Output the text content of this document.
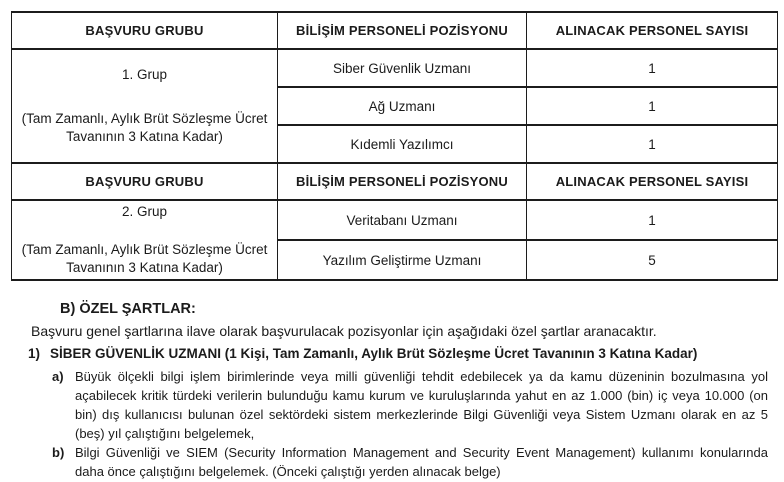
BAŞVURU GRUBU	BİLİŞİM PERSONELİ POZİSYONU	ALINACAK PERSONEL SAYISI

1. Grup
(Tam Zamanlı, Aylık Brüt Sözleşme Ücret Tavanının 3 Katına Kadar)	Siber Güvenlik Uzmanı	1
	Ağ Uzmanı	1
	Kıdemli Yazılımcı	1
BAŞVURU GRUBU	BİLİŞİM PERSONELİ POZİSYONU	ALINACAK PERSONEL SAYISI

2. Grup
(Tam Zamanlı, Aylık Brüt Sözleşme Ücret Tavanının 3 Katına Kadar)	Veritabanı Uzmanı	1
	Yazılım Geliştirme Uzmanı	5
B) ÖZEL ŞARTLAR:
Başvuru genel şartlarına ilave olarak başvurulacak pozisyonlar için aşağıdaki özel şartlar aranacaktır.
1) SİBER GÜVENLİK UZMANI (1 Kişi, Tam Zamanlı, Aylık Brüt Sözleşme Ücret Tavanının 3 Katına Kadar)
a) Büyük ölçekli bilgi işlem birimlerinde veya milli güvenliği tehdit edebilecek ya da kamu düzeninin bozulmasına yol açabilecek kritik türdeki verilerin bulunduğu kamu kurum ve kuruluşlarında yahut en az 1.000 (bin) iç veya 10.000 (on bin) dış kullanıcısı bulunan özel sektördeki sistem merkezlerinde Bilgi Güvenliği veya Sistem Uzmanı olarak en az 5 (beş) yıl çalıştığını belgelemek,
b) Bilgi Güvenliği ve SIEM (Security Information Management and Security Event Management) kullanımı konularında daha önce çalıştığını belgelemek. (Önceki çalıştığı yerden alınacak belge)
